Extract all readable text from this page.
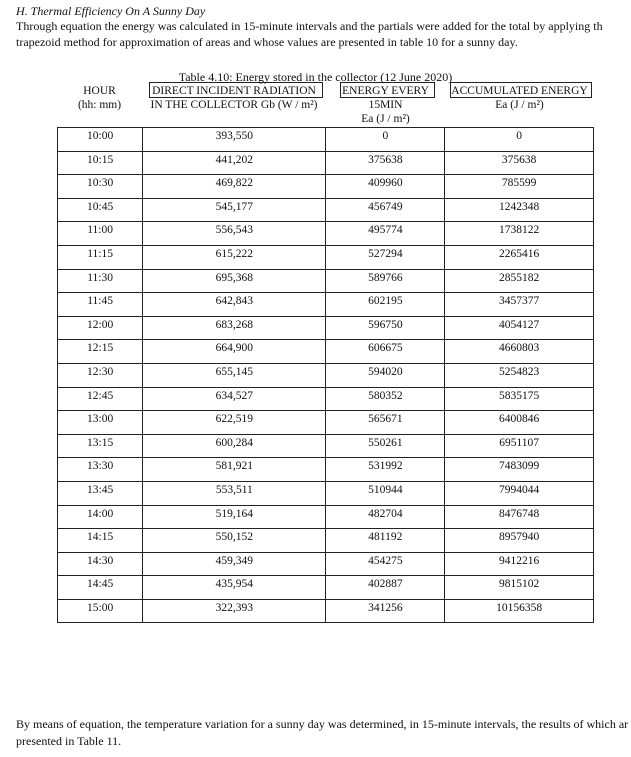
H. Thermal Efficiency On A Sunny Day
Through equation the energy was calculated in 15-minute intervals and the partials were added for the total by applying th
trapezoid method for approximation of areas and whose values are presented in table 10 for a sunny day.
Table 4.10: Energy stored in the collector (12 June 2020)
HOUR
(hh: mm)
DIRECT INCIDENT RADIATION
IN THE COLLECTOR Gb (W / m²)
ENERGY EVERY
15MIN
Ea (J / m²)
ACCUMULATED ENERGY
Ea (J / m²)
10:00	393,550	0	0
10:15	441,202	375638	375638
10:30	469,822	409960	785599
10:45	545,177	456749	1242348
11:00	556,543	495774	1738122
11:15	615,222	527294	2265416
11:30	695,368	589766	2855182
11:45	642,843	602195	3457377
12:00	683,268	596750	4054127
12:15	664,900	606675	4660803
12:30	655,145	594020	5254823
12:45	634,527	580352	5835175
13:00	622,519	565671	6400846
13:15	600,284	550261	6951107
13:30	581,921	531992	7483099
13:45	553,511	510944	7994044
14:00	519,164	482704	8476748
14:15	550,152	481192	8957940
14:30	459,349	454275	9412216
14:45	435,954	402887	9815102
15:00	322,393	341256	10156358
By means of equation, the temperature variation for a sunny day was determined, in 15-minute intervals, the results of which ar
presented in Table 11.
